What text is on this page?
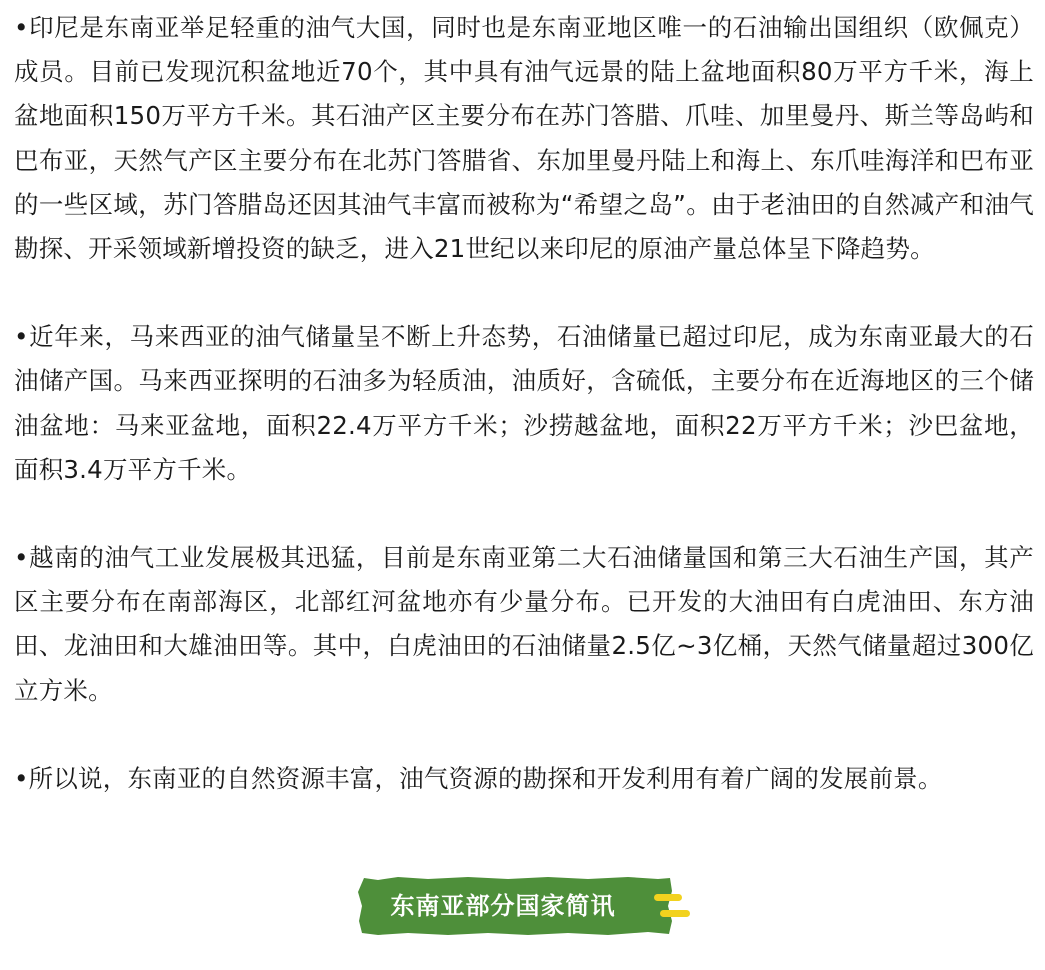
•印尼是东南亚举足轻重的油气大国，同时也是东南亚地区唯一的石油输出国组织（欧佩克）成员。目前已发现沉积盆地近70个，其中具有油气远景的陆上盆地面积80万平方千米，海上盆地面积150万平方千米。其石油产区主要分布在苏门答腊、爪哇、加里曼丹、斯兰等岛屿和巴布亚，天然气产区主要分布在北苏门答腊省、东加里曼丹陆上和海上、东爪哇海洋和巴布亚的一些区域，苏门答腊岛还因其油气丰富而被称为“希望之岛”。由于老油田的自然减产和油气勘探、开采领域新增投资的缺乏，进入21世纪以来印尼的原油产量总体呈下降趋势。

•近年来，马来西亚的油气储量呈不断上升态势，石油储量已超过印尼，成为东南亚最大的石油储产国。马来西亚探明的石油多为轻质油，油质好，含硫低，主要分布在近海地区的三个储油盆地：马来亚盆地，面积22.4万平方千米；沙捞越盆地，面积22万平方千米；沙巴盆地，面积3.4万平方千米。

•越南的油气工业发展极其迅猛，目前是东南亚第二大石油储量国和第三大石油生产国，其产区主要分布在南部海区，北部红河盆地亦有少量分布。已开发的大油田有白虎油田、东方油田、龙油田和大雄油田等。其中，白虎油田的石油储量2.5亿~3亿桶，天然气储量超过300亿立方米。

•所以说，东南亚的自然资源丰富，油气资源的勘探和开发利用有着广阔的发展前景。

东南亚部分国家简讯
